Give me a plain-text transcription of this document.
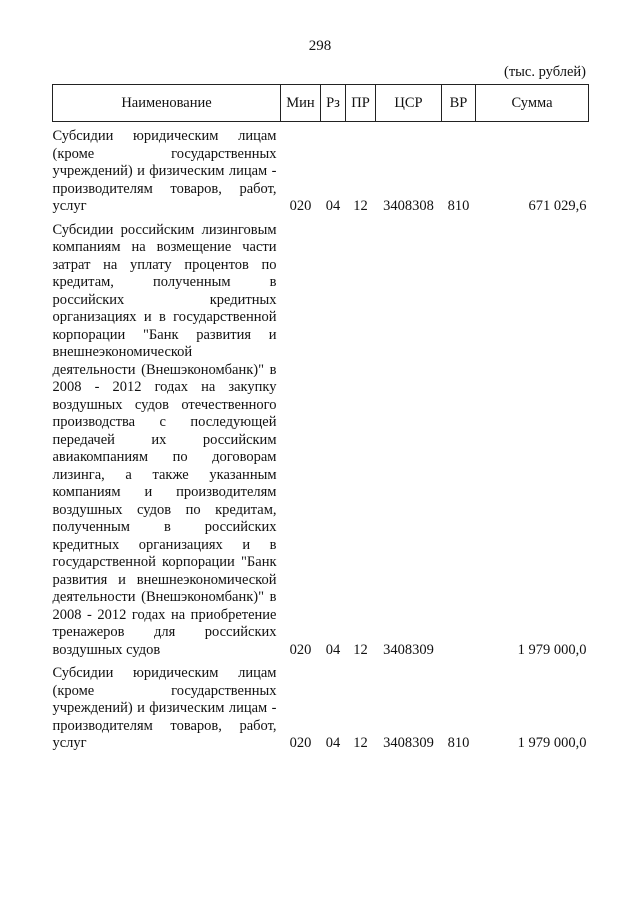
298
(тыс. рублей)
Наименование	Мин	Рз	ПР	ЦСР	ВР	Сумма
Субсидии юридическим лицам (кроме государственных учреждений) и физическим лицам - производителям товаров, работ, услуг	020	04	12	3408308	810	671 029,6
Субсидии российским лизинговым компаниям на возмещение части затрат на уплату процентов по кредитам, полученным в российских кредитных организациях и в государственной корпорации "Банк развития и внешнеэкономической деятельности (Внешэкономбанк)" в 2008 - 2012 годах на закупку воздушных судов отечественного производства с последующей передачей их российским авиакомпаниям по договорам лизинга, а также указанным компаниям и производителям воздушных судов по кредитам, полученным в российских кредитных организациях и в государственной корпорации "Банк развития и внешнеэкономической деятельности (Внешэкономбанк)" в 2008 - 2012 годах на приобретение тренажеров для российских воздушных судов	020	04	12	3408309		1 979 000,0
Субсидии юридическим лицам (кроме государственных учреждений) и физическим лицам - производителям товаров, работ, услуг	020	04	12	3408309	810	1 979 000,0
